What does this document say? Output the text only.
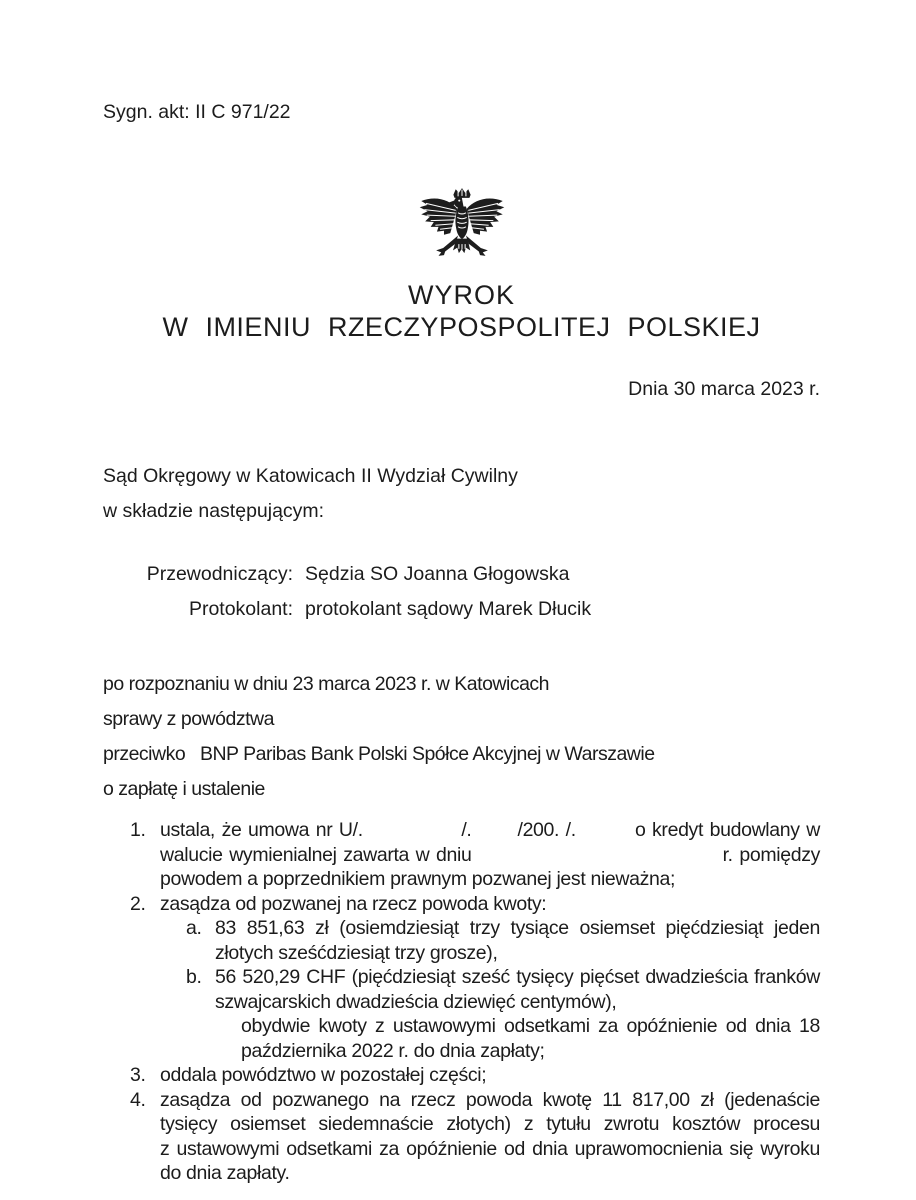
Sygn. akt: II C 971/22
WYROK
W IMIENIU RZECZYPOSPOLITEJ POLSKIEJ
Dnia 30 marca 2023 r.
Sąd Okręgowy w Katowicach II Wydział Cywilny
w składzie następującym:
Przewodniczący: Sędzia SO Joanna Głogowska
Protokolant: protokolant sądowy Marek Dłucik
po rozpoznaniu w dniu 23 marca 2023 r. w Katowicach
sprawy z powództwa
przeciwko   BNP Paribas Bank Polski Spółce Akcyjnej w Warszawie
o zapłatę i ustalenie
1. ustala, że umowa nr U/.               /.       /200. /.         o kredyt budowlany w walucie wymienialnej zawarta w dniu                                      r. pomiędzy powodem a poprzednikiem prawnym pozwanej jest nieważna;
2. zasądza od pozwanej na rzecz powoda kwoty:
a. 83 851,63 zł (osiemdziesiąt trzy tysiące osiemset pięćdziesiąt jeden złotych sześćdziesiąt trzy grosze),
b. 56 520,29 CHF (pięćdziesiąt sześć tysięcy pięćset dwadzieścia franków szwajcarskich dwadzieścia dziewięć centymów),
obydwie kwoty z ustawowymi odsetkami za opóźnienie od dnia 18 października 2022 r. do dnia zapłaty;
3. oddala powództwo w pozostałej części;
4. zasądza od pozwanego na rzecz powoda kwotę 11 817,00 zł (jedenaście tysięcy osiemset siedemnaście złotych) z tytułu zwrotu kosztów procesu z ustawowymi odsetkami za opóźnienie od dnia uprawomocnienia się wyroku do dnia zapłaty.
